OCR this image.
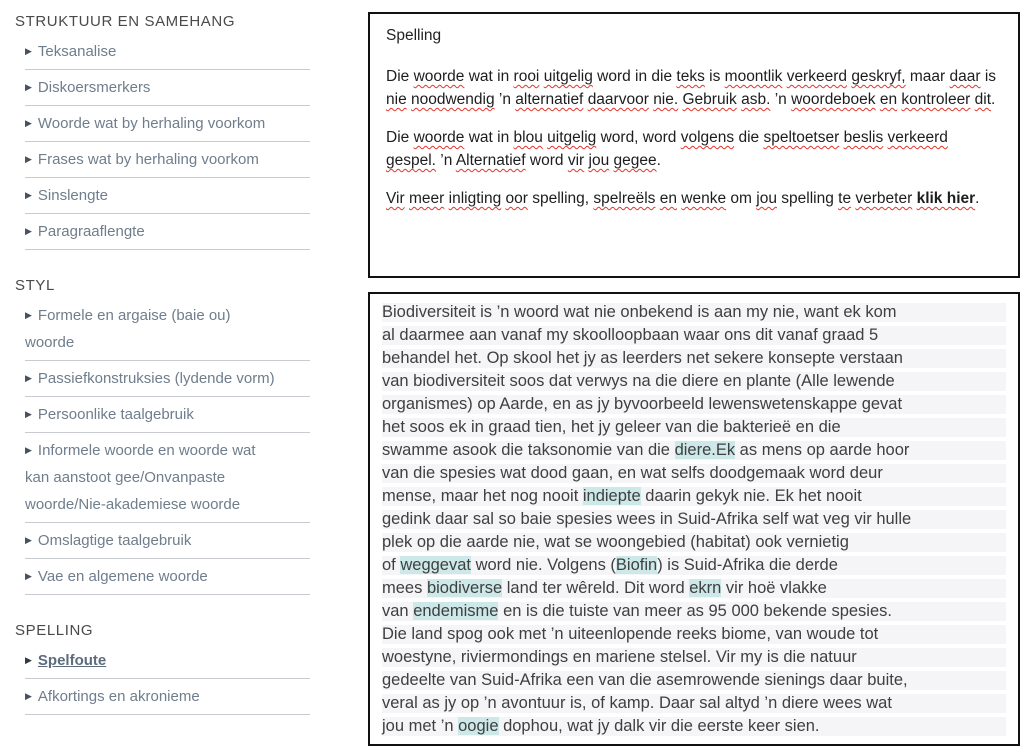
STRUKTUUR EN SAMEHANG
▶ Teksanalise
▶ Diskoersmerkers
▶ Woorde wat by herhaling voorkom
▶ Frases wat by herhaling voorkom
▶ Sinslengte
▶ Paragraaflengte
STYL
▶ Formele en argaise (baie ou)
woorde
▶ Passiefkonstruksies (lydende vorm)
▶ Persoonlike taalgebruik
▶ Informele woorde en woorde wat
kan aanstoot gee/Onvanpaste
woorde/Nie-akademiese woorde
▶ Omslagtige taalgebruik
▶ Vae en algemene woorde
SPELLING
▶ Spelfoute
▶ Afkortings en akronieme
Spelling

Die woorde wat in rooi uitgelig word in die teks is moontlik verkeerd geskryf, maar daar is nie noodwendig ’n alternatief daarvoor nie. Gebruik asb. ’n woordeboek en kontroleer dit.

Die woorde wat in blou uitgelig word, word volgens die speltoetser beslis verkeerd gespel. ’n Alternatief word vir jou gegee.

Vir meer inligting oor spelling, spelreëls en wenke om jou spelling te verbeter klik hier.

Biodiversiteit is ’n woord wat nie onbekend is aan my nie, want ek kom
al daarmee aan vanaf my skoolloopbaan waar ons dit vanaf graad 5
behandel het. Op skool het jy as leerders net sekere konsepte verstaan
van biodiversiteit soos dat verwys na die diere en plante (Alle lewende
organismes) op Aarde, en as jy byvoorbeeld lewenswetenskappe gevat
het soos ek in graad tien, het jy geleer van die bakterieë en die
swamme asook die taksonomie van die diere.Ek as mens op aarde hoor
van die spesies wat dood gaan, en wat selfs doodgemaak word deur
mense, maar het nog nooit indiepte daarin gekyk nie. Ek het nooit
gedink daar sal so baie spesies wees in Suid-Afrika self wat veg vir hulle
plek op die aarde nie, wat se woongebied (habitat) ook vernietig
of weggevat word nie. Volgens (Biofin) is Suid-Afrika die derde
mees biodiverse land ter wêreld. Dit word ekrn vir hoë vlakke
van endemisme en is die tuiste van meer as 95 000 bekende spesies.
Die land spog ook met ’n uiteenlopende reeks biome, van woude tot
woestyne, riviermondings en mariene stelsel. Vir my is die natuur
gedeelte van Suid-Afrika een van die asemrowende sienings daar buite,
veral as jy op ’n avontuur is, of kamp. Daar sal altyd ’n diere wees wat
jou met ’n oogie dophou, wat jy dalk vir die eerste keer sien.
